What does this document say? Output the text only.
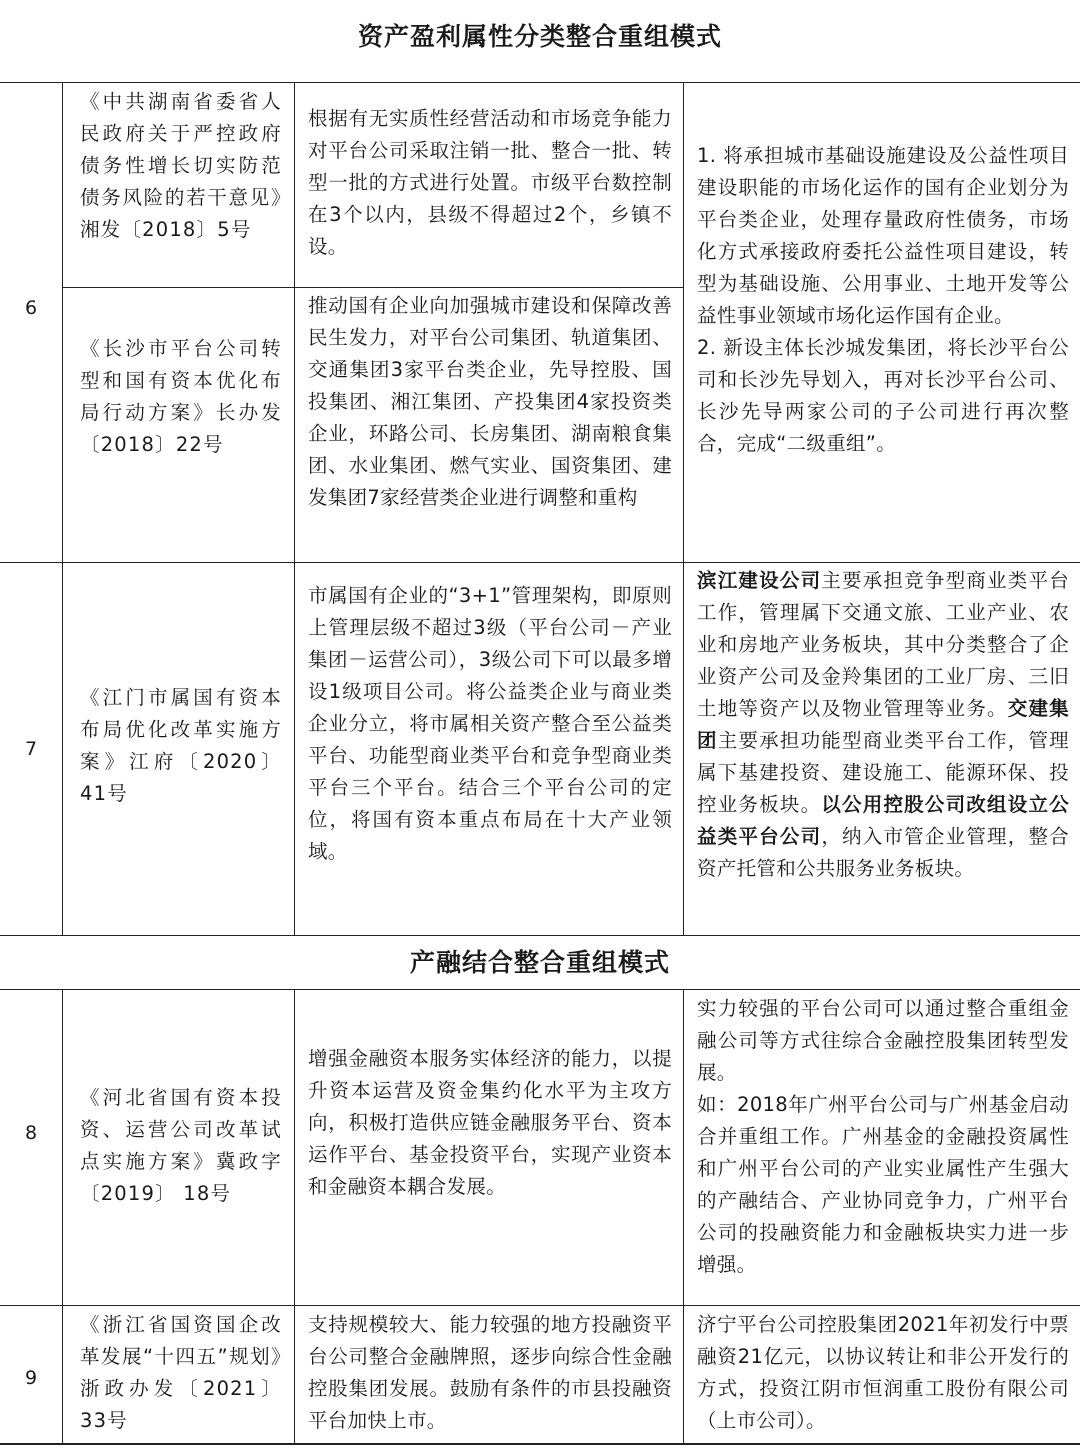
资产盈利属性分类整合重组模式
产融结合整合重组模式
6
《中共湖南省委省人民政府关于严控政府债务性增长切实防范债务风险的若干意见》湘发〔2018〕5号
根据有无实质性经营活动和市场竞争能力对平台公司采取注销一批、整合一批、转型一批的方式进行处置。市级平台数控制在3个以内，县级不得超过2个，乡镇不设。
《长沙市平台公司转型和国有资本优化布局行动方案》长办发〔2018〕22号
推动国有企业向加强城市建设和保障改善民生发力，对平台公司集团、轨道集团、交通集团3家平台类企业，先导控股、国投集团、湘江集团、产投集团4家投资类企业，环路公司、长房集团、湖南粮食集团、水业集团、燃气实业、国资集团、建发集团7家经营类企业进行调整和重构

1. 将承担城市基础设施建设及公益性项目建设职能的市场化运作的国有企业划分为平台类企业，处理存量政府性债务，市场化方式承接政府委托公益性项目建设，转型为基础设施、公用事业、土地开发等公益性事业领域市场化运作国有企业。

2. 新设主体长沙城发集团，将长沙平台公司和长沙先导划入，再对长沙平台公司、长沙先导两家公司的子公司进行再次整合，完成“二级重组”。

7
《江门市属国有资本布局优化改革实施方案》江府〔2020〕41号
市属国有企业的“3+1”管理架构，即原则上管理层级不超过3级（平台公司－产业集团－运营公司），3级公司下可以最多增设1级项目公司。将公益类企业与商业类企业分立，将市属相关资产整合至公益类平台、功能型商业类平台和竞争型商业类平台三个平台。结合三个平台公司的定位，将国有资本重点布局在十大产业领域。

滨江建设公司主要承担竞争型商业类平台工作，管理属下交通文旅、工业产业、农业和房地产业务板块，其中分类整合了企业资产公司及金羚集团的工业厂房、三旧土地等资产以及物业管理等业务。交建集团主要承担功能型商业类平台工作，管理属下基建投资、建设施工、能源环保、投控业务板块。以公用控股公司改组设立公益类平台公司，纳入市管企业管理，整合资产托管和公共服务业务板块。

8
《河北省国有资本投资、运营公司改革试点实施方案》冀政字〔2019〕 18号
增强金融资本服务实体经济的能力，以提升资本运营及资金集约化水平为主攻方向，积极打造供应链金融服务平台、资本运作平台、基金投资平台，实现产业资本和金融资本耦合发展。

实力较强的平台公司可以通过整合重组金融公司等方式往综合金融控股集团转型发展。

如：2018年广州平台公司与广州基金启动合并重组工作。广州基金的金融投资属性和广州平台公司的产业实业属性产生强大的产融结合、产业协同竞争力，广州平台公司的投融资能力和金融板块实力进一步增强。

9
《浙江省国资国企改革发展“十四五”规划》浙政办发〔2021〕33号
支持规模较大、能力较强的地方投融资平台公司整合金融牌照，逐步向综合性金融控股集团发展。鼓励有条件的市县投融资平台加快上市。
济宁平台公司控股集团2021年初发行中票融资21亿元，以协议转让和非公开发行的方式，投资江阴市恒润重工股份有限公司（上市公司）。
